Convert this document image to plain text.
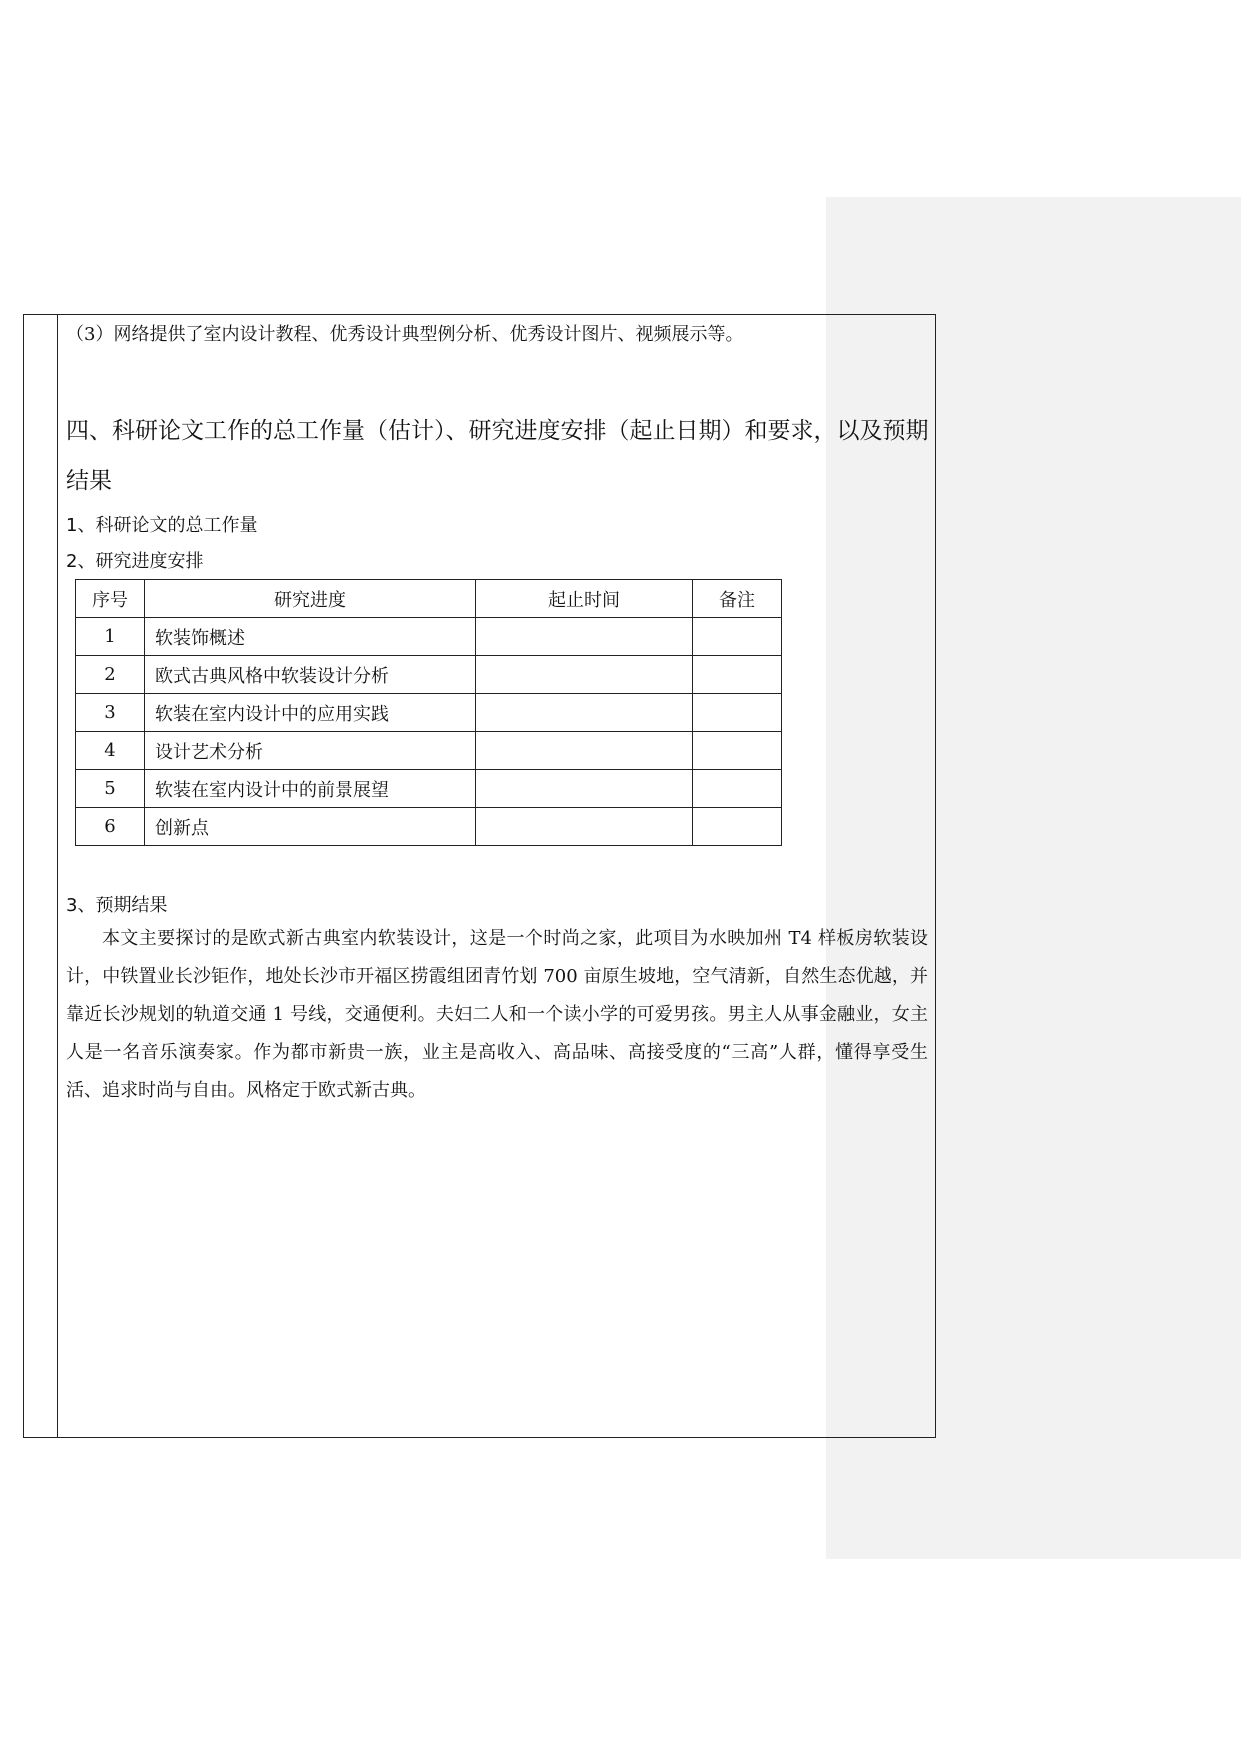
（3）网络提供了室内设计教程、优秀设计典型例分析、优秀设计图片、视频展示等。
四、科研论文工作的总工作量（估计）、研究进度安排（起止日期）和要求，以及预期
结果
1、科研论文的总工作量
2、研究进度安排
序号	研究进度	起止时间	备注
1	软装饰概述		
2	欧式古典风格中软装设计分析		
3	软装在室内设计中的应用实践		
4	设计艺术分析		
5	软装在室内设计中的前景展望		
6	创新点		
3、预期结果

本文主要探讨的是欧式新古典室内软装设计，这是一个时尚之家，此项目为水映加州 T4 样板房软装设计，中铁置业长沙钜作，地处长沙市开福区捞霞组团青竹划 700 亩原生坡地，空气清新，自然生态优越，并靠近长沙规划的轨道交通 1 号线，交通便利。夫妇二人和一个读小学的可爱男孩。男主人从事金融业，女主人是一名音乐演奏家。作为都市新贵一族，业主是高收入、高品味、高接受度的“三高”人群，懂得享受生活、追求时尚与自由。风格定于欧式新古典。
